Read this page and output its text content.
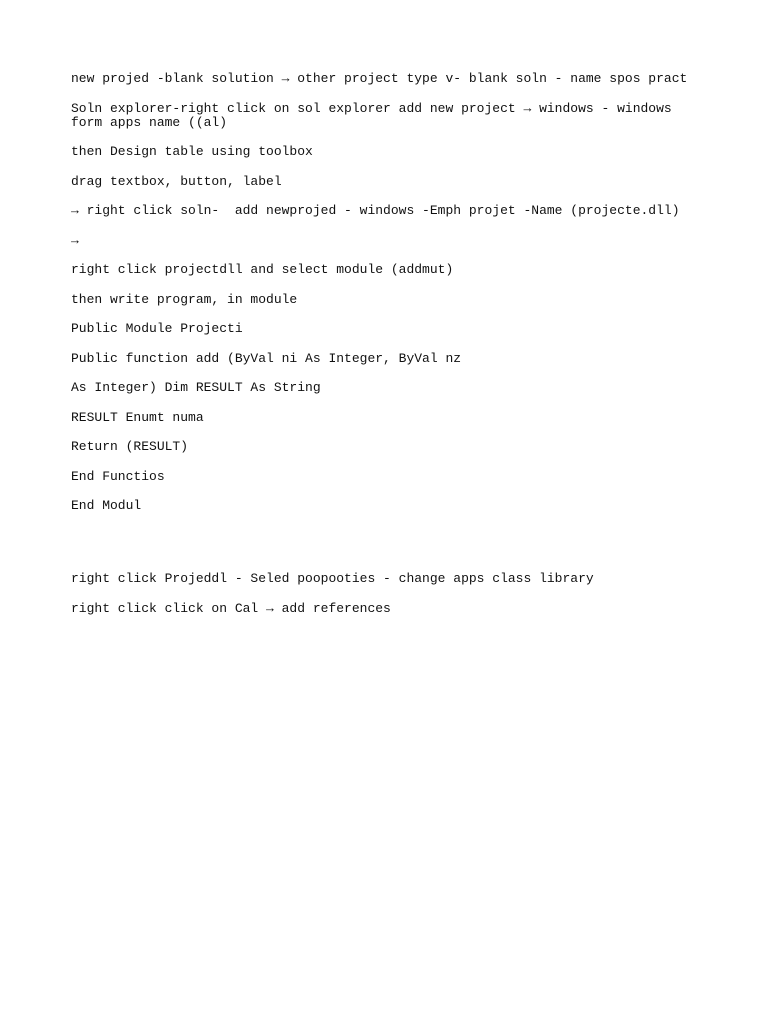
new projed -blank solution → other project type v- blank soln - name spos pract
Soln explorer-right click on sol explorer add new project → windows - windows form apps name ((al)
then Design table using toolbox
drag textbox, button, label
→ right click soln-  add newprojed - windows -Emph projet -Name (projecte.dll)
→
right click projectdll and select module (addmut)
then write program, in module
Public Module Projecti
Public function add (ByVal ni As Integer, ByVal nz
As Integer) Dim RESULT As String
RESULT Enumt numa
Return (RESULT)
End Functios
End Modul
right click Projeddl - Seled poopooties - change apps class library
right click click on Cal → add references
